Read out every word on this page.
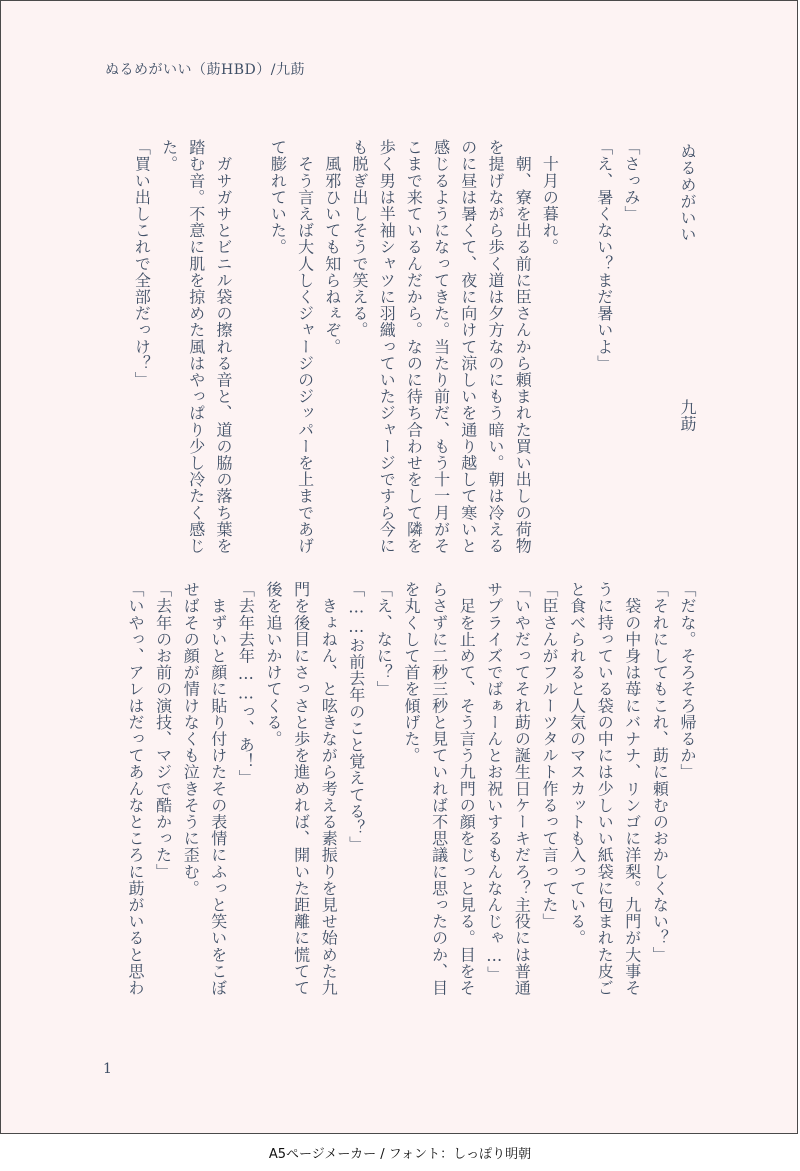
ぬるめがいい（莇HBD）/九莇
ぬるめがいい
九莇
「さっみ」
「え、暑くない？まだ暑いよ」
　十月の暮れ。
　朝、寮を出る前に臣さんから頼まれた買い出しの荷物
を提げながら歩く道は夕方なのにもう暗い。朝は冷える
のに昼は暑くて、夜に向けて涼しいを通り越して寒いと
感じるようになってきた。当たり前だ、もう十一月がそ
こまで来ているんだから。なのに待ち合わせをして隣を
歩く男は半袖シャツに羽織っていたジャージですら今に
も脱ぎ出しそうで笑える。
　風邪ひいても知らねぇぞ。
　そう言えば大人しくジャージのジッパーを上まであげ
て膨れていた。
　ガサガサとビニル袋の擦れる音と、道の脇の落ち葉を
踏む音。不意に肌を掠めた風はやっぱり少し冷たく感じ
た。
「買い出しこれで全部だっけ？」
「だな。そろそろ帰るか」
「それにしてもこれ、莇に頼むのおかしくない？」
　袋の中身は苺にバナナ、リンゴに洋梨。九門が大事そ
うに持っている袋の中には少しいい紙袋に包まれた皮ご
と食べられると人気のマスカットも入っている。
「臣さんがフルーツタルト作るって言ってた」
「いやだってそれ莇の誕生日ケーキだろ？主役には普通
サプライズでばぁーんとお祝いするもんなんじゃ…」
　足を止めて、そう言う九門の顔をじっと見る。目をそ
らさずに二秒三秒と見ていれば不思議に思ったのか、目
を丸くして首を傾げた。
「え、なに？」
「……お前去年のこと覚えてる？」
　きょねん、と呟きながら考える素振りを見せ始めた九
門を後目にさっさと歩を進めれば、開いた距離に慌てて
後を追いかけてくる。
「去年去年……っ、あ！」
　まずいと顔に貼り付けたその表情にふっと笑いをこぼ
せばその顔が情けなくも泣きそうに歪む。
「去年のお前の演技、マジで酷かった」
「いやっ、アレはだってあんなところに莇がいると思わ
1
A5ページメーカー / フォント：しっぽり明朝
